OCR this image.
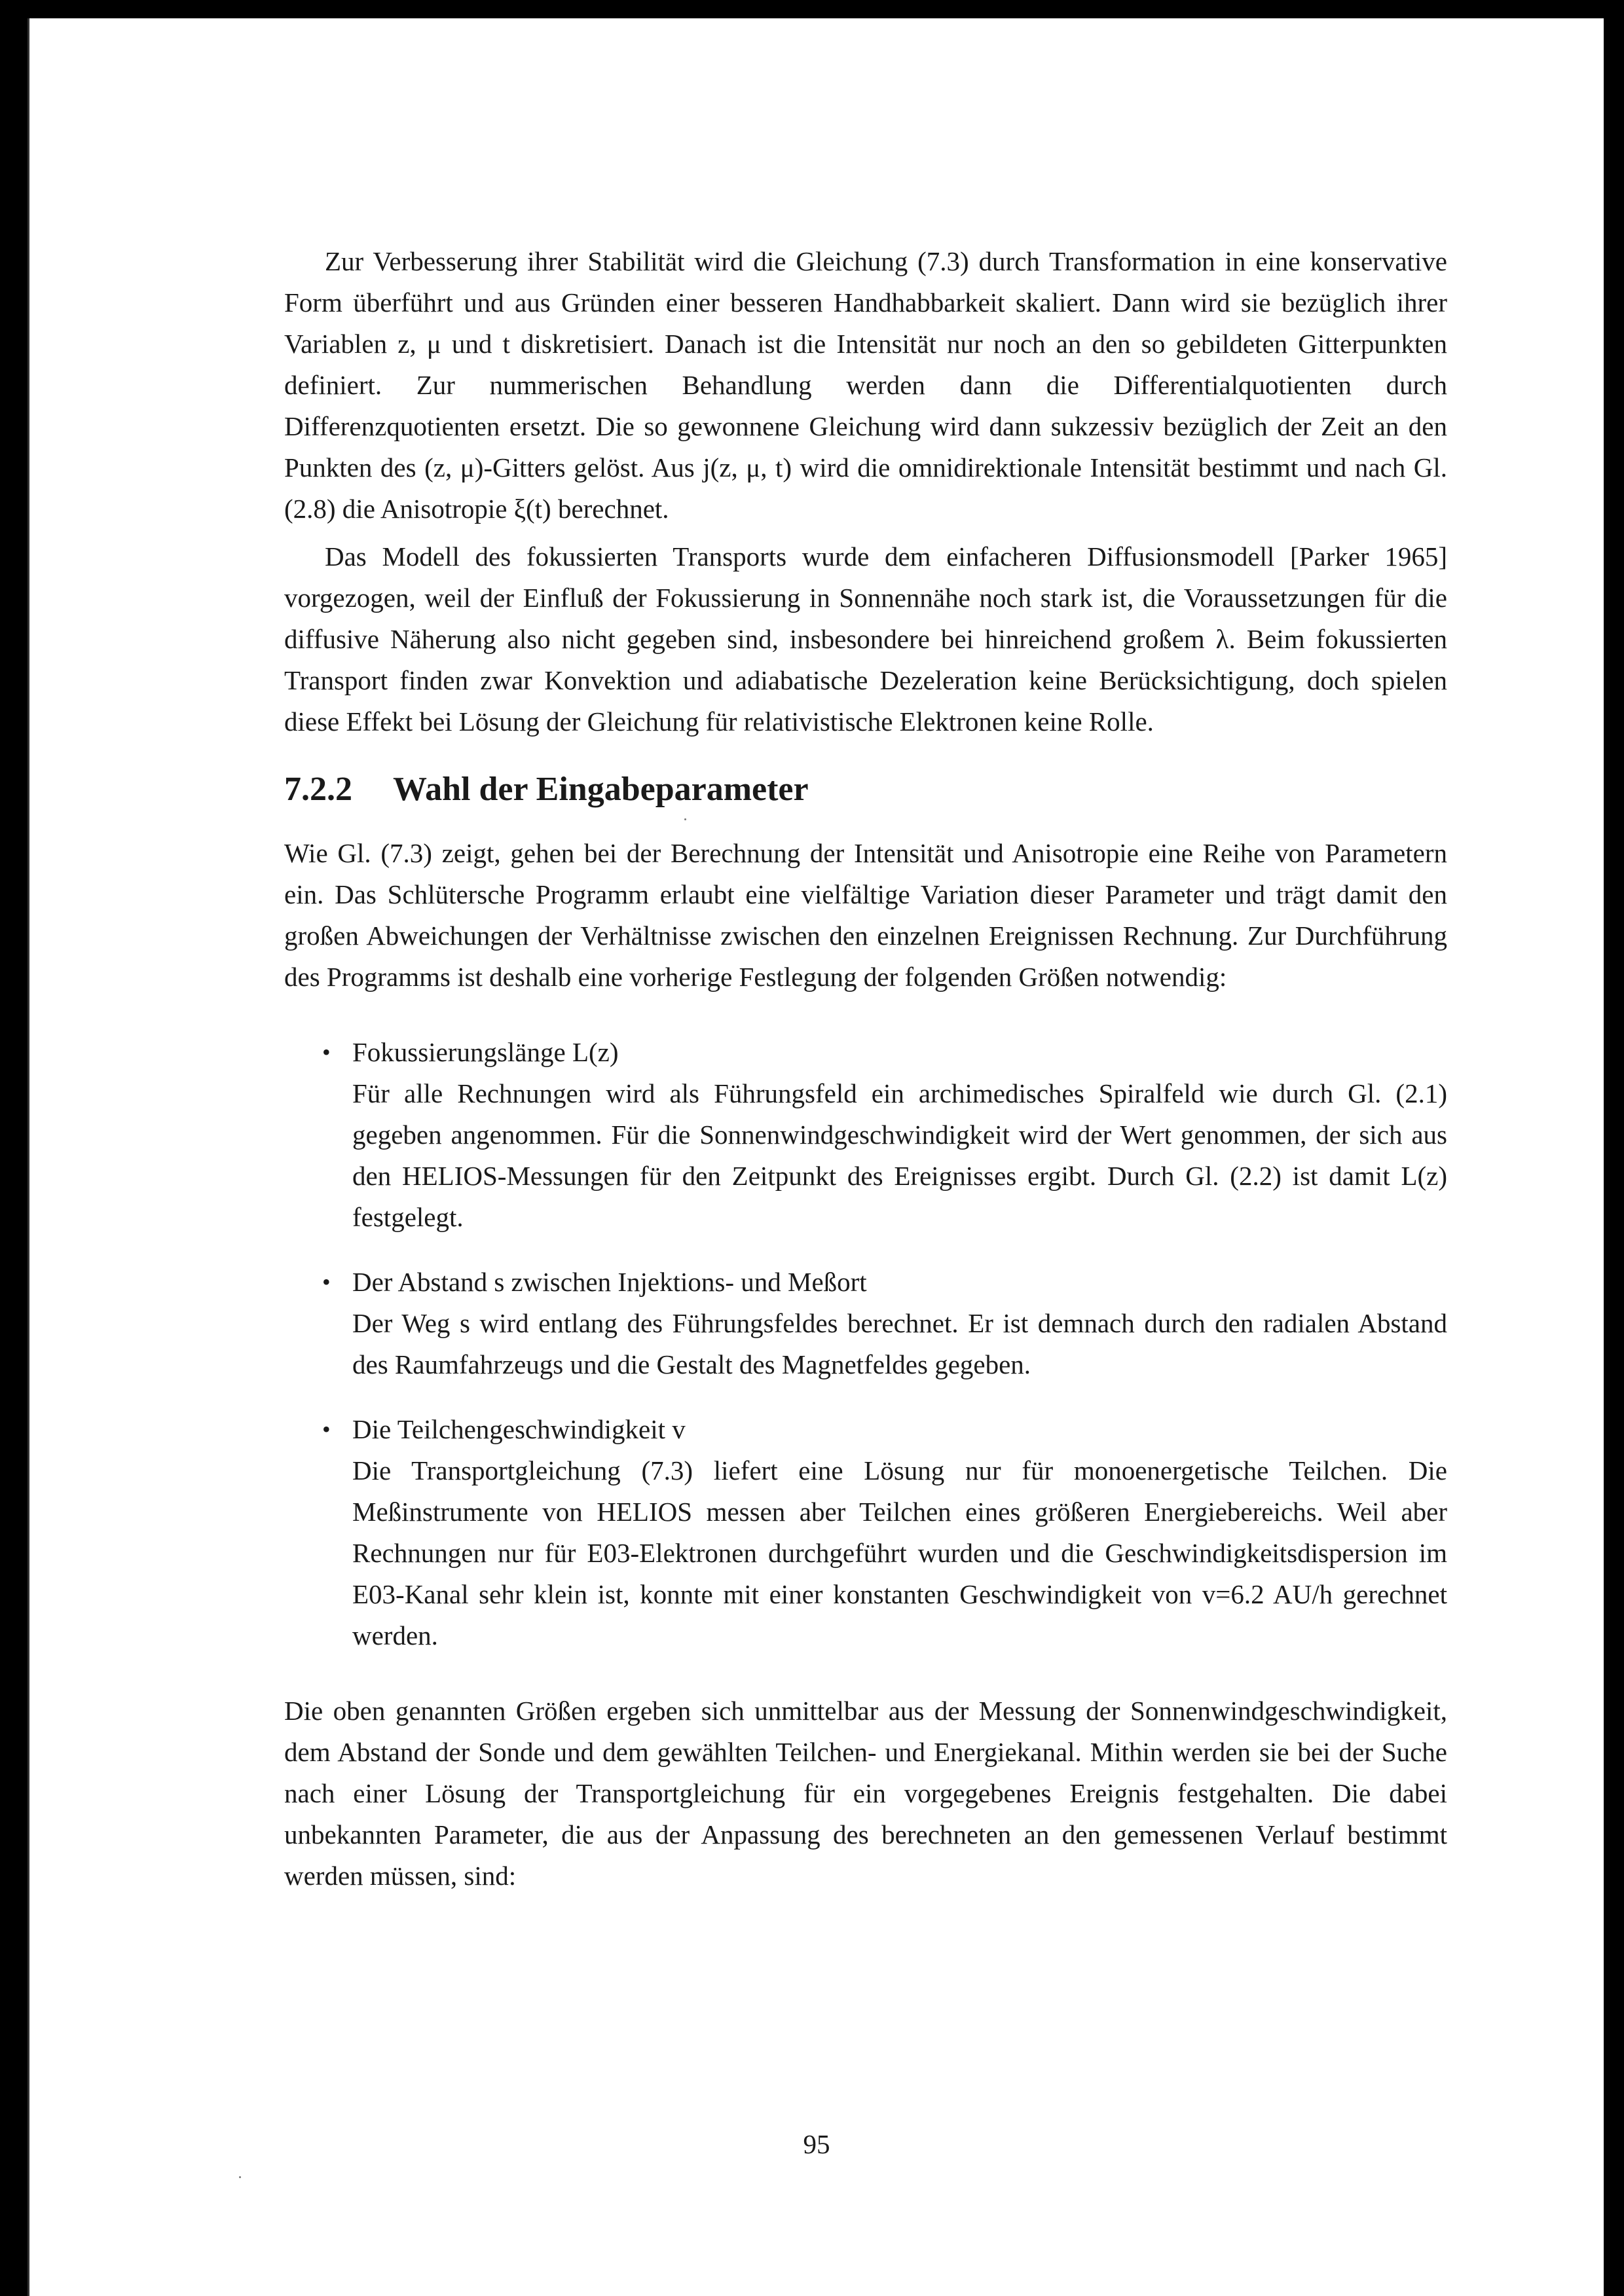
Zur Verbesserung ihrer Stabilität wird die Gleichung (7.3) durch Transformation in eine konservative Form überführt und aus Gründen einer besseren Handhabbarkeit skaliert. Dann wird sie bezüglich ihrer Variablen z, μ und t diskretisiert. Danach ist die Intensität nur noch an den so gebildeten Gitterpunkten definiert. Zur nummerischen Behandlung werden dann die Differentialquotienten durch Differenzquotienten ersetzt. Die so gewonnene Gleichung wird dann sukzessiv bezüglich der Zeit an den Punkten des (z, μ)-Gitters gelöst. Aus j(z, μ, t) wird die omnidirektionale Intensität bestimmt und nach Gl.(2.8) die Anisotropie ξ(t) berechnet.

Das Modell des fokussierten Transports wurde dem einfacheren Diffusionsmodell [Parker 1965] vorgezogen, weil der Einfluß der Fokussierung in Sonnennähe noch stark ist, die Voraussetzungen für die diffusive Näherung also nicht gegeben sind, insbesondere bei hinreichend großem λ. Beim fokussierten Transport finden zwar Konvektion und adiabatische Dezeleration keine Berücksichtigung, doch spielen diese Effekt bei Lösung der Gleichung für relativistische Elektronen keine Rolle.

7.2.2 Wahl der Eingabeparameter

Wie Gl. (7.3) zeigt, gehen bei der Berechnung der Intensität und Anisotropie eine Reihe von Parametern ein. Das Schlütersche Programm erlaubt eine vielfältige Variation dieser Parameter und trägt damit den großen Abweichungen der Verhältnisse zwischen den einzelnen Ereignissen Rechnung. Zur Durchführung des Programms ist deshalb eine vorherige Festlegung der folgenden Größen notwendig:

• Fokussierungslänge L(z)
Für alle Rechnungen wird als Führungsfeld ein archimedisches Spiralfeld wie durch Gl. (2.1) gegeben angenommen. Für die Sonnenwindgeschwindigkeit wird der Wert genommen, der sich aus den HELIOS-Messungen für den Zeitpunkt des Ereignisses ergibt. Durch Gl. (2.2) ist damit L(z) festgelegt.
• Der Abstand s zwischen Injektions- und Meßort
Der Weg s wird entlang des Führungsfeldes berechnet. Er ist demnach durch den radialen Abstand des Raumfahrzeugs und die Gestalt des Magnetfeldes gegeben.
• Die Teilchengeschwindigkeit v
Die Transportgleichung (7.3) liefert eine Lösung nur für monoenergetische Teilchen. Die Meßinstrumente von HELIOS messen aber Teilchen eines größeren Energiebereichs. Weil aber Rechnungen nur für E03-Elektronen durchgeführt wurden und die Geschwindigkeitsdispersion im E03-Kanal sehr klein ist, konnte mit einer konstanten Geschwindigkeit von v=6.2 AU/h gerechnet werden.

Die oben genannten Größen ergeben sich unmittelbar aus der Messung der Sonnenwindgeschwindigkeit, dem Abstand der Sonde und dem gewählten Teilchen- und Energiekanal. Mithin werden sie bei der Suche nach einer Lösung der Transportgleichung für ein vorgegebenes Ereignis festgehalten. Die dabei unbekannten Parameter, die aus der Anpassung des berechneten an den gemessenen Verlauf bestimmt werden müssen, sind:

95
